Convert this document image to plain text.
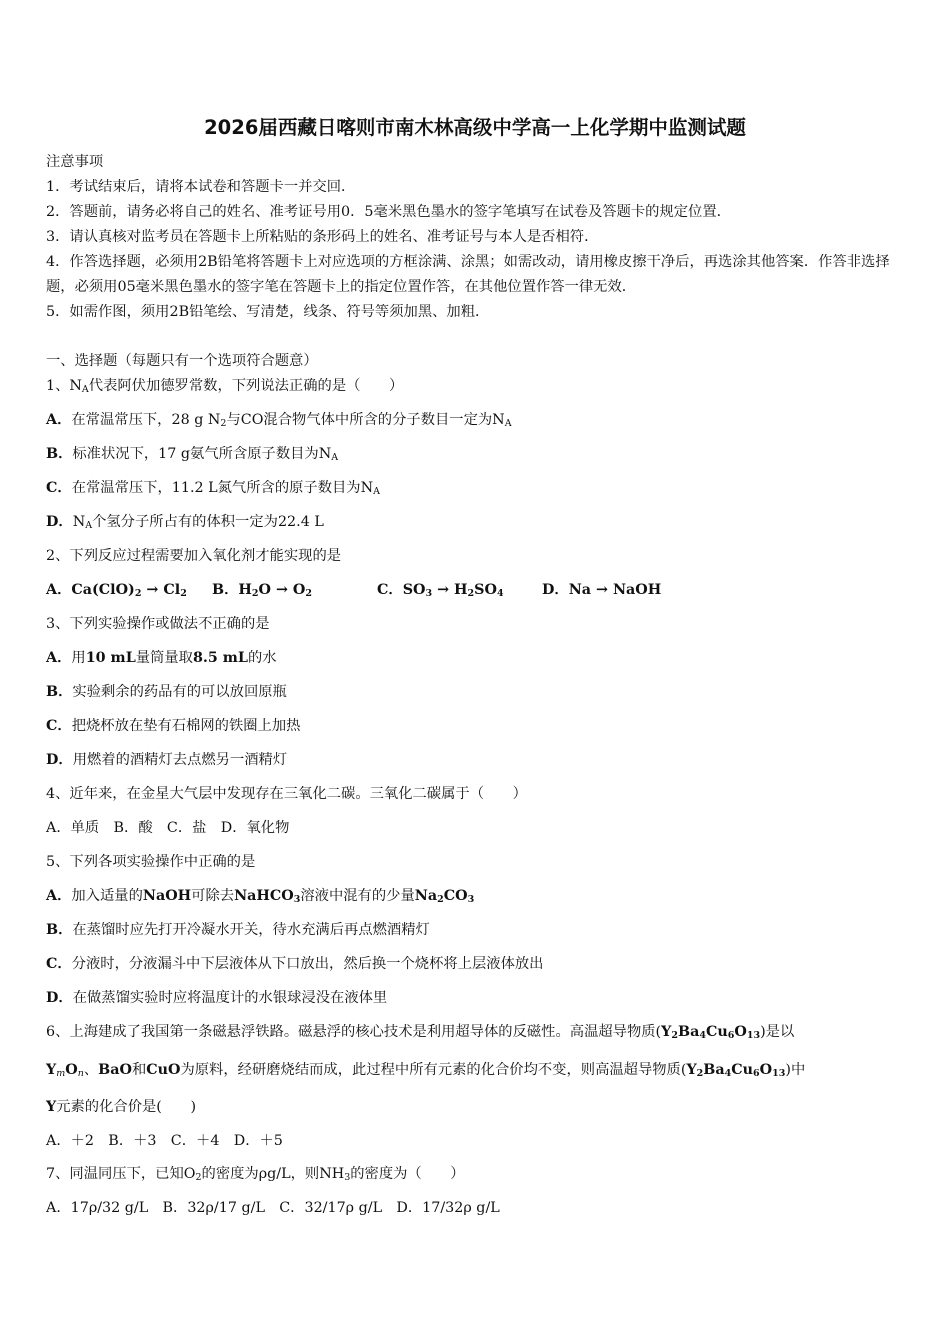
2026届西藏日喀则市南木林高级中学高一上化学期中监测试题
注意事项
1．考试结束后，请将本试卷和答题卡一并交回．
2．答题前，请务必将自己的姓名、准考证号用0．5毫米黑色墨水的签字笔填写在试卷及答题卡的规定位置．
3．请认真核对监考员在答题卡上所粘贴的条形码上的姓名、准考证号与本人是否相符．
4．作答选择题，必须用2B铅笔将答题卡上对应选项的方框涂满、涂黑；如需改动，请用橡皮擦干净后，再选涂其他答案．作答非选择题，必须用05毫米黑色墨水的签字笔在答题卡上的指定位置作答，在其他位置作答一律无效．
5．如需作图，须用2B铅笔绘、写清楚，线条、符号等须加黑、加粗．
一、选择题（每题只有一个选项符合题意）
1、$N_A$代表阿伏加德罗常数，下列说法正确的是（　　）
A．在常温常压下，28 g $N_2$与CO混合物气体中所含的分子数目一定为$N_A$
B．标准状况下，17 g氨气所含原子数目为$N_A$
C．在常温常压下，11.2 L氮气所含的原子数目为$N_A$
D．$N_A$个氢分子所占有的体积一定为22.4 L
2、下列反应过程需要加入氧化剂才能实现的是
A．$Ca(ClO)_2 \to Cl_2$ B．$H_2O \to O_2$	C．$SO_3 \to H_2SO_4$	D．Na → NaOH
3、下列实验操作或做法不正确的是
A．用10 mL量筒量取8.5 mL的水
B．实验剩余的药品有的可以放回原瓶
C．把烧杯放在垫有石棉网的铁圈上加热
D．用燃着的酒精灯去点燃另一酒精灯
4、近年来，在金星大气层中发现存在三氧化二碳。三氧化二碳属于（　　）
A．单质　B．酸　C．盐　D．氧化物
5、下列各项实验操作中正确的是
A．加入适量的NaOH可除去NaHCO$_3$溶液中混有的少量$Na_2CO_3$
B．在蒸馏时应先打开冷凝水开关，待水充满后再点燃酒精灯
C．分液时，分液漏斗中下层液体从下口放出，然后换一个烧杯将上层液体放出
D．在做蒸馏实验时应将温度计的水银球浸没在液体里
6、上海建成了我国第一条磁悬浮铁路。磁悬浮的核心技术是利用超导体的反磁性。高温超导物质$(Y_2Ba_4Cu_6O_{13})$是以
$Y_mO_n$、BaO和CuO为原料，经研磨烧结而成，此过程中所有元素的化合价均不变，则高温超导物质$(Y_2Ba_4Cu_6O_{13})$中
Y元素的化合价是(　　)
A．＋2　B．＋3　C．＋4　D．＋5
7、同温同压下，已知$O_2$的密度为ρg/L，则$NH_3$的密度为（　　）
A．17ρ/32 g/L　B．32ρ/17 g/L　C．32/17ρ g/L　D．17/32ρ g/L
